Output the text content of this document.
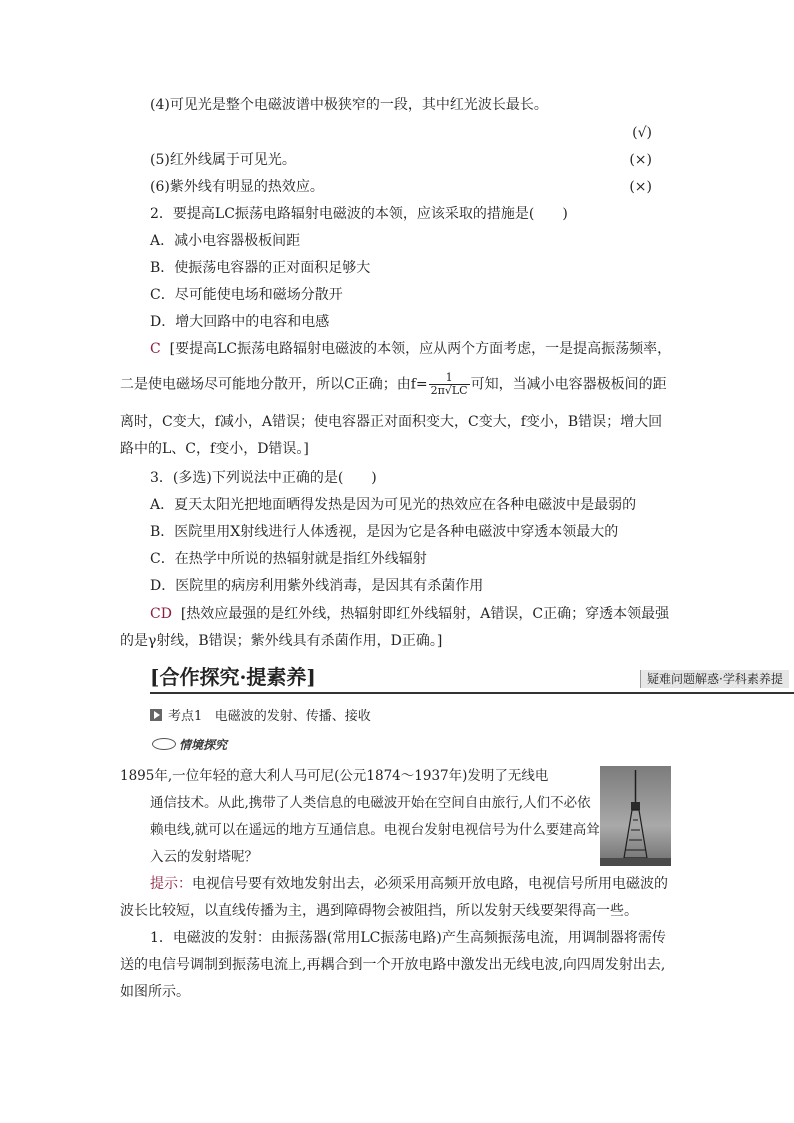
(4)可见光是整个电磁波谱中极狭窄的一段，其中红光波长最长。
(√)
(5)红外线属于可见光。	(×)
(6)紫外线有明显的热效应。	(×)
2．要提高LC振荡电路辐射电磁波的本领，应该采取的措施是(　　)
A．减小电容器极板间距
B．使振荡电容器的正对面积足够大
C．尽可能使电场和磁场分散开
D．增大回路中的电容和电感
C [要提高LC振荡电路辐射电磁波的本领，应从两个方面考虑，一是提高振荡频率，
二是使电磁场尽可能地分散开，所以C正确；由$f= \frac{1}{2\pi√LC}$ 可知，当减小电容器极板间的距
离时，C变大，f减小，A错误；使电容器正对面积变大，C变大，f变小，B错误；增大回
路中的L、C，f变小，D错误。]
3．(多选)下列说法中正确的是(　　)
A．夏天太阳光把地面晒得发热是因为可见光的热效应在各种电磁波中是最弱的
B．医院里用X射线进行人体透视，是因为它是各种电磁波中穿透本领最大的
C．在热学中所说的热辐射就是指红外线辐射
D．医院里的病房利用紫外线消毒，是因其有杀菌作用
CD [热效应最强的是红外线，热辐射即红外线辐射，A错误，C正确；穿透本领最强
的是γ射线，B错误；紫外线具有杀菌作用，D正确。]
[合作探究·提素养]	疑难问题解惑·学科素养提
考点1 电磁波的发射、传播、接收
情境探究
1895年,一位年轻的意大利人马可尼(公元1874～1937年)发明了无线电
通信技术。从此,携带了人类信息的电磁波开始在空间自由旅行,人们不必依
赖电线,就可以在遥远的地方互通信息。电视台发射电视信号为什么要建高耸
入云的发射塔呢？
提示：电视信号要有效地发射出去，必须采用高频开放电路，电视信号所用电磁波的
波长比较短，以直线传播为主，遇到障碍物会被阻挡，所以发射天线要架得高一些。
1．电磁波的发射：由振荡器(常用LC振荡电路)产生高频振荡电流，用调制器将需传
送的电信号调制到振荡电流上,再耦合到一个开放电路中激发出无线电波,向四周发射出去,
如图所示。
